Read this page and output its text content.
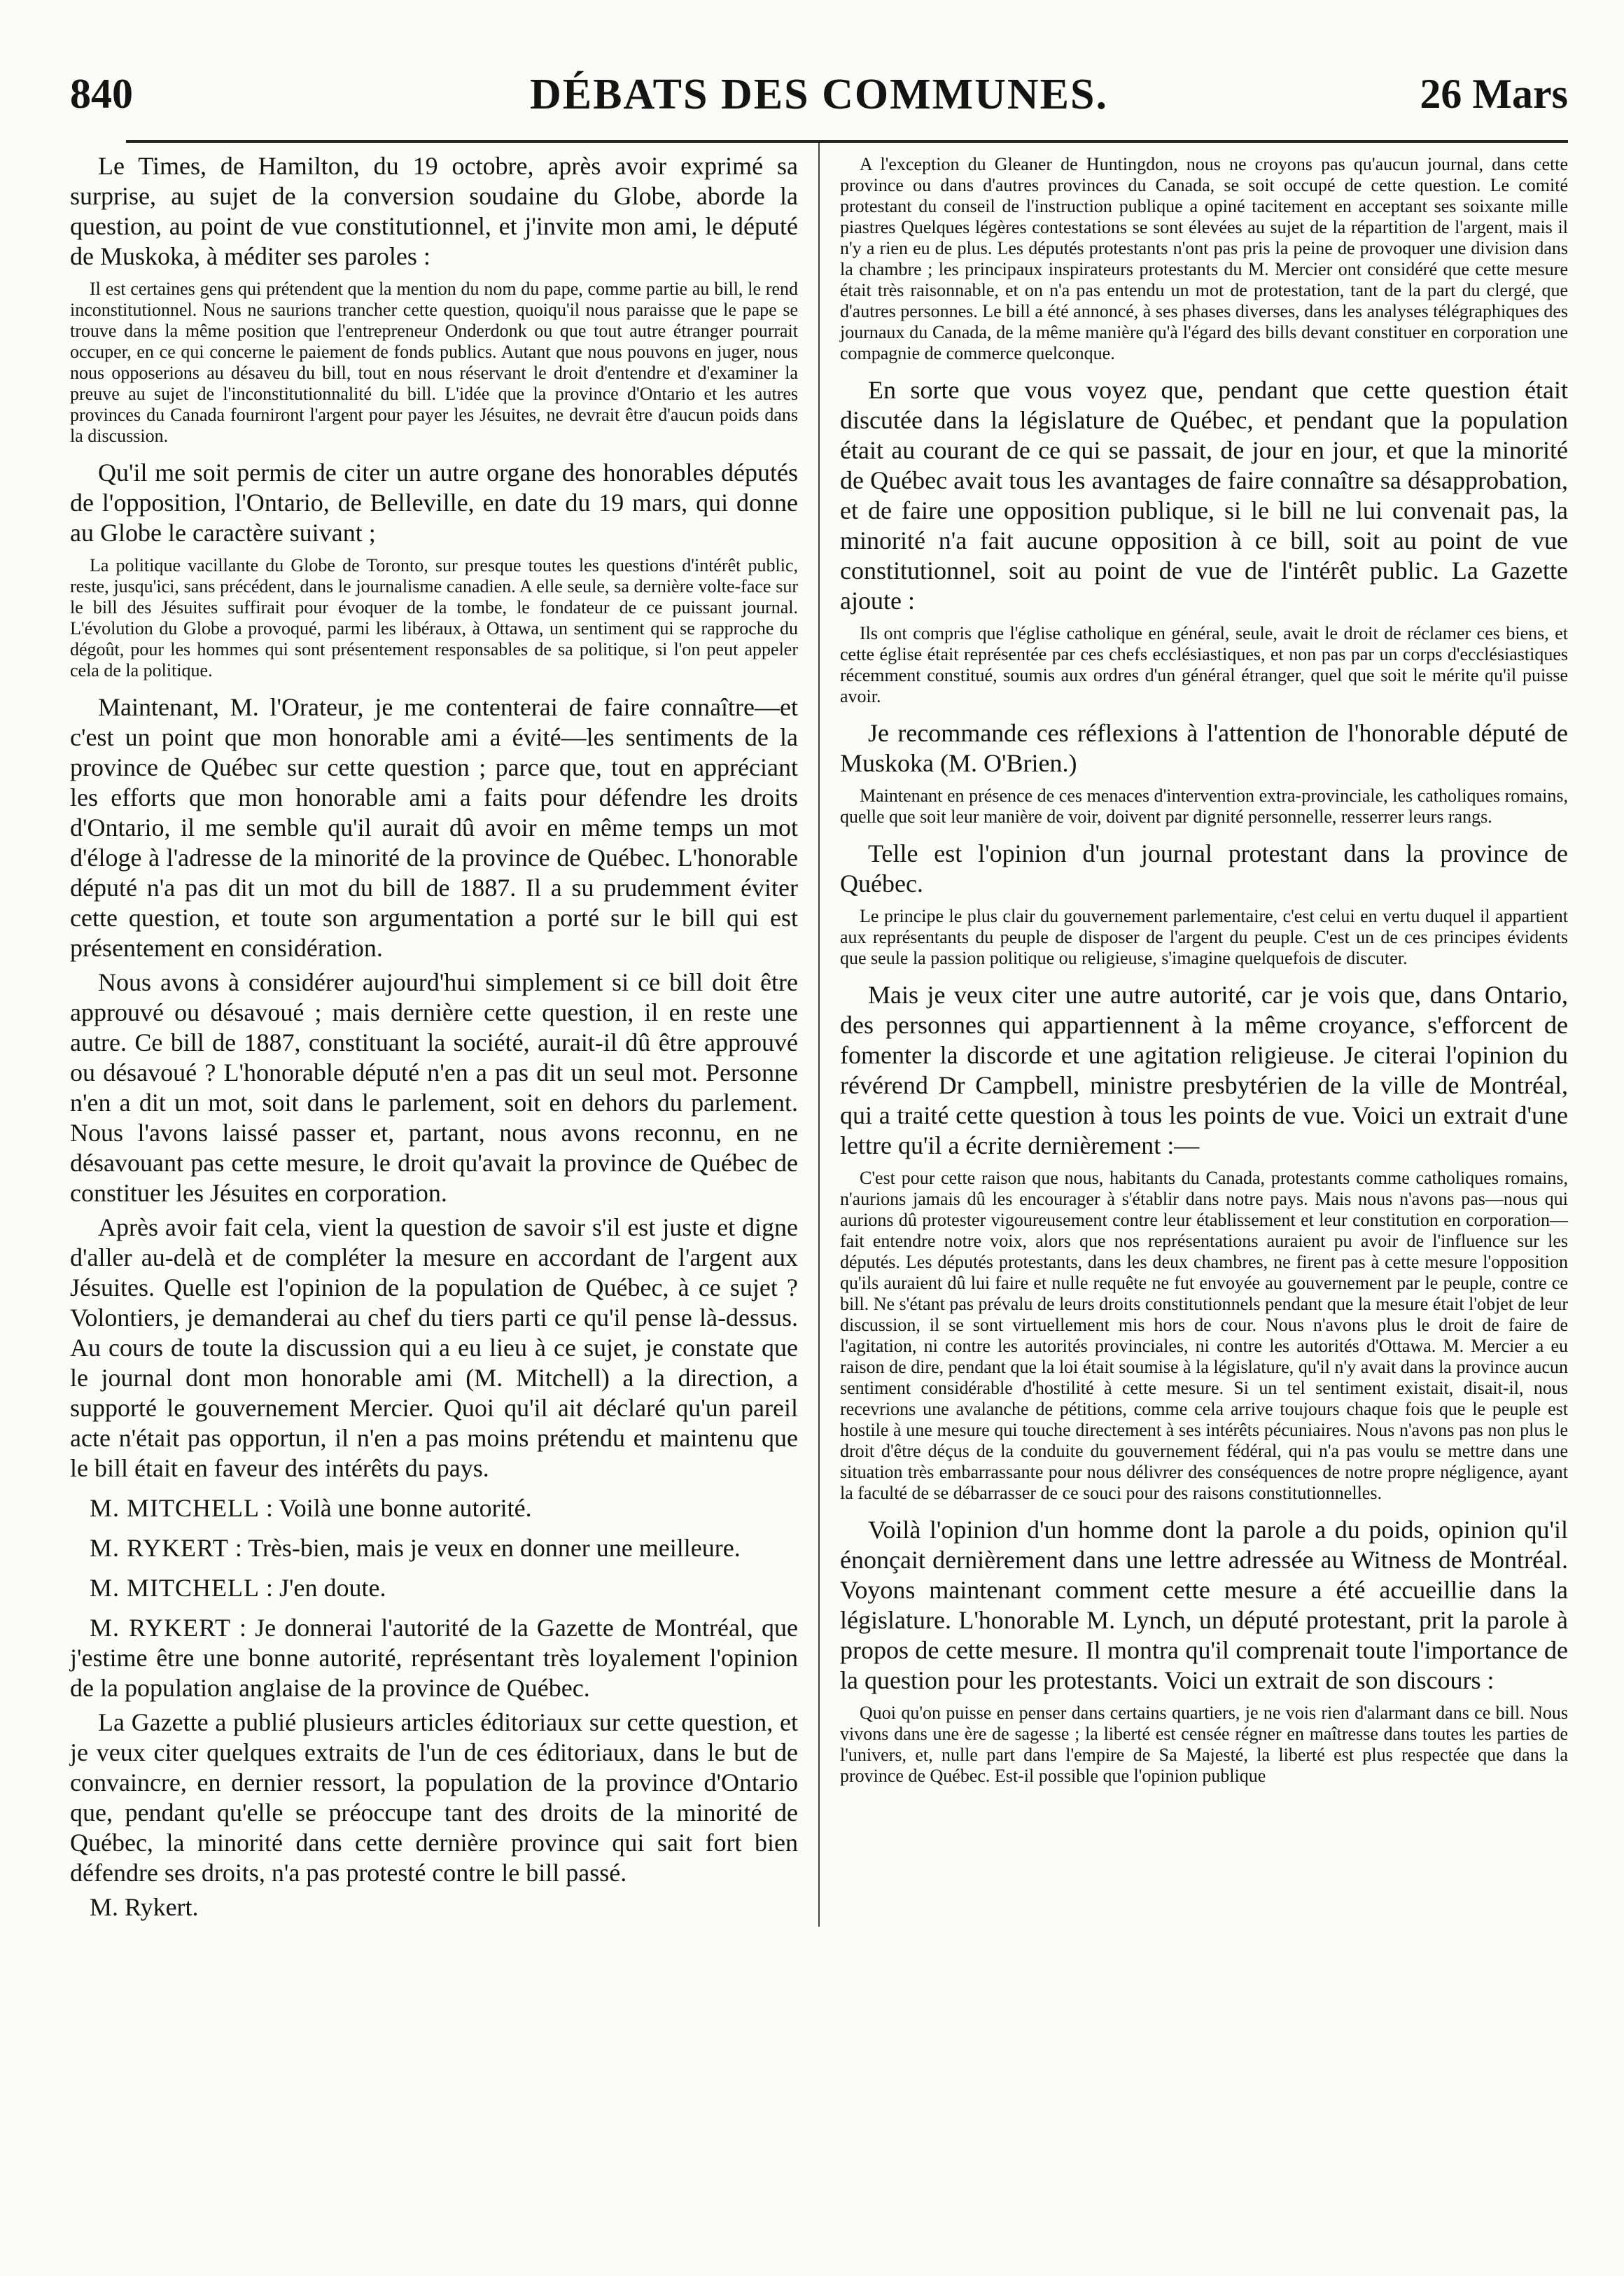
840	DÉBATS DES COMMUNES.	26 Mars

Le Times, de Hamilton, du 19 octobre, après avoir exprimé sa surprise, au sujet de la conversion soudaine du Globe, aborde la question, au point de vue constitutionnel, et j'invite mon ami, le député de Muskoka, à méditer ses paroles :

Il est certaines gens qui prétendent que la mention du nom du pape, comme partie au bill, le rend inconstitutionnel. Nous ne saurions trancher cette question, quoiqu'il nous paraisse que le pape se trouve dans la même position que l'entrepreneur Onderdonk ou que tout autre étranger pourrait occuper, en ce qui concerne le paiement de fonds publics. Autant que nous pouvons en juger, nous nous opposerions au désaveu du bill, tout en nous réservant le droit d'entendre et d'examiner la preuve au sujet de l'inconstitutionnalité du bill. L'idée que la province d'Ontario et les autres provinces du Canada fourniront l'argent pour payer les Jésuites, ne devrait être d'aucun poids dans la discussion.

Qu'il me soit permis de citer un autre organe des honorables députés de l'opposition, l'Ontario, de Belleville, en date du 19 mars, qui donne au Globe le caractère suivant ;

La politique vacillante du Globe de Toronto, sur presque toutes les questions d'intérêt public, reste, jusqu'ici, sans précédent, dans le journalisme canadien. A elle seule, sa dernière volte-face sur le bill des Jésuites suffirait pour évoquer de la tombe, le fondateur de ce puissant journal. L'évolution du Globe a provoqué, parmi les libéraux, à Ottawa, un sentiment qui se rapproche du dégoût, pour les hommes qui sont présentement responsables de sa politique, si l'on peut appeler cela de la politique.

Maintenant, M. l'Orateur, je me contenterai de faire connaître—et c'est un point que mon honorable ami a évité—les sentiments de la province de Québec sur cette question ; parce que, tout en appréciant les efforts que mon honorable ami a faits pour défendre les droits d'Ontario, il me semble qu'il aurait dû avoir en même temps un mot d'éloge à l'adresse de la minorité de la province de Québec. L'honorable député n'a pas dit un mot du bill de 1887. Il a su prudemment éviter cette question, et toute son argumentation a porté sur le bill qui est présentement en considération.

Nous avons à considérer aujourd'hui simplement si ce bill doit être approuvé ou désavoué ; mais dernière cette question, il en reste une autre. Ce bill de 1887, constituant la société, aurait-il dû être approuvé ou désavoué ? L'honorable député n'en a pas dit un seul mot. Personne n'en a dit un mot, soit dans le parlement, soit en dehors du parlement. Nous l'avons laissé passer et, partant, nous avons reconnu, en ne désavouant pas cette mesure, le droit qu'avait la province de Québec de constituer les Jésuites en corporation.

Après avoir fait cela, vient la question de savoir s'il est juste et digne d'aller au-delà et de compléter la mesure en accordant de l'argent aux Jésuites. Quelle est l'opinion de la population de Québec, à ce sujet ? Volontiers, je demanderai au chef du tiers parti ce qu'il pense là-dessus. Au cours de toute la discussion qui a eu lieu à ce sujet, je constate que le journal dont mon honorable ami (M. Mitchell) a la direction, a supporté le gouvernement Mercier. Quoi qu'il ait déclaré qu'un pareil acte n'était pas opportun, il n'en a pas moins prétendu et maintenu que le bill était en faveur des intérêts du pays.

M. MITCHELL : Voilà une bonne autorité.

M. RYKERT : Très-bien, mais je veux en donner une meilleure.

M. MITCHELL : J'en doute.

M. RYKERT : Je donnerai l'autorité de la Gazette de Montréal, que j'estime être une bonne autorité, représentant très loyalement l'opinion de la population anglaise de la province de Québec.

La Gazette a publié plusieurs articles éditoriaux sur cette question, et je veux citer quelques extraits de l'un de ces éditoriaux, dans le but de convaincre, en dernier ressort, la population de la province d'Ontario que, pendant qu'elle se préoccupe tant des droits de la minorité de Québec, la minorité dans cette dernière province qui sait fort bien défendre ses droits, n'a pas protesté contre le bill passé.

M. Rykert.

A l'exception du Gleaner de Huntingdon, nous ne croyons pas qu'aucun journal, dans cette province ou dans d'autres provinces du Canada, se soit occupé de cette question. Le comité protestant du conseil de l'instruction publique a opiné tacitement en acceptant ses soixante mille piastres Quelques légères contestations se sont élevées au sujet de la répartition de l'argent, mais il n'y a rien eu de plus. Les députés protestants n'ont pas pris la peine de provoquer une division dans la chambre ; les principaux inspirateurs protestants du M. Mercier ont considéré que cette mesure était très raisonnable, et on n'a pas entendu un mot de protestation, tant de la part du clergé, que d'autres personnes. Le bill a été annoncé, à ses phases diverses, dans les analyses télégraphiques des journaux du Canada, de la même manière qu'à l'égard des bills devant constituer en corporation une compagnie de commerce quelconque.

En sorte que vous voyez que, pendant que cette question était discutée dans la législature de Québec, et pendant que la population était au courant de ce qui se passait, de jour en jour, et que la minorité de Québec avait tous les avantages de faire connaître sa désapprobation, et de faire une opposition publique, si le bill ne lui convenait pas, la minorité n'a fait aucune opposition à ce bill, soit au point de vue constitutionnel, soit au point de vue de l'intérêt public. La Gazette ajoute :

Ils ont compris que l'église catholique en général, seule, avait le droit de réclamer ces biens, et cette église était représentée par ces chefs ecclésiastiques, et non pas par un corps d'ecclésiastiques récemment constitué, soumis aux ordres d'un général étranger, quel que soit le mérite qu'il puisse avoir.

Je recommande ces réflexions à l'attention de l'honorable député de Muskoka (M. O'Brien.)

Maintenant en présence de ces menaces d'intervention extra-provinciale, les catholiques romains, quelle que soit leur manière de voir, doivent par dignité personnelle, resserrer leurs rangs.

Telle est l'opinion d'un journal protestant dans la province de Québec.

Le principe le plus clair du gouvernement parlementaire, c'est celui en vertu duquel il appartient aux représentants du peuple de disposer de l'argent du peuple. C'est un de ces principes évidents que seule la passion politique ou religieuse, s'imagine quelquefois de discuter.

Mais je veux citer une autre autorité, car je vois que, dans Ontario, des personnes qui appartiennent à la même croyance, s'efforcent de fomenter la discorde et une agitation religieuse. Je citerai l'opinion du révérend Dr Campbell, ministre presbytérien de la ville de Montréal, qui a traité cette question à tous les points de vue. Voici un extrait d'une lettre qu'il a écrite dernièrement :—

C'est pour cette raison que nous, habitants du Canada, protestants comme catholiques romains, n'aurions jamais dû les encourager à s'établir dans notre pays. Mais nous n'avons pas—nous qui aurions dû protester vigoureusement contre leur établissement et leur constitution en corporation—fait entendre notre voix, alors que nos représentations auraient pu avoir de l'influence sur les députés. Les députés protestants, dans les deux chambres, ne firent pas à cette mesure l'opposition qu'ils auraient dû lui faire et nulle requête ne fut envoyée au gouvernement par le peuple, contre ce bill. Ne s'étant pas prévalu de leurs droits constitutionnels pendant que la mesure était l'objet de leur discussion, il se sont virtuellement mis hors de cour. Nous n'avons plus le droit de faire de l'agitation, ni contre les autorités provinciales, ni contre les autorités d'Ottawa. M. Mercier a eu raison de dire, pendant que la loi était soumise à la législature, qu'il n'y avait dans la province aucun sentiment considérable d'hostilité à cette mesure. Si un tel sentiment existait, disait-il, nous recevrions une avalanche de pétitions, comme cela arrive toujours chaque fois que le peuple est hostile à une mesure qui touche directement à ses intérêts pécuniaires. Nous n'avons pas non plus le droit d'être déçus de la conduite du gouvernement fédéral, qui n'a pas voulu se mettre dans une situation très embarrassante pour nous délivrer des conséquences de notre propre négligence, ayant la faculté de se débarrasser de ce souci pour des raisons constitutionnelles.

Voilà l'opinion d'un homme dont la parole a du poids, opinion qu'il énonçait dernièrement dans une lettre adressée au Witness de Montréal. Voyons maintenant comment cette mesure a été accueillie dans la législature. L'honorable M. Lynch, un député protestant, prit la parole à propos de cette mesure. Il montra qu'il comprenait toute l'importance de la question pour les protestants. Voici un extrait de son discours :

Quoi qu'on puisse en penser dans certains quartiers, je ne vois rien d'alarmant dans ce bill. Nous vivons dans une ère de sagesse ; la liberté est censée régner en maîtresse dans toutes les parties de l'univers, et, nulle part dans l'empire de Sa Majesté, la liberté est plus respectée que dans la province de Québec. Est-il possible que l'opinion publique
